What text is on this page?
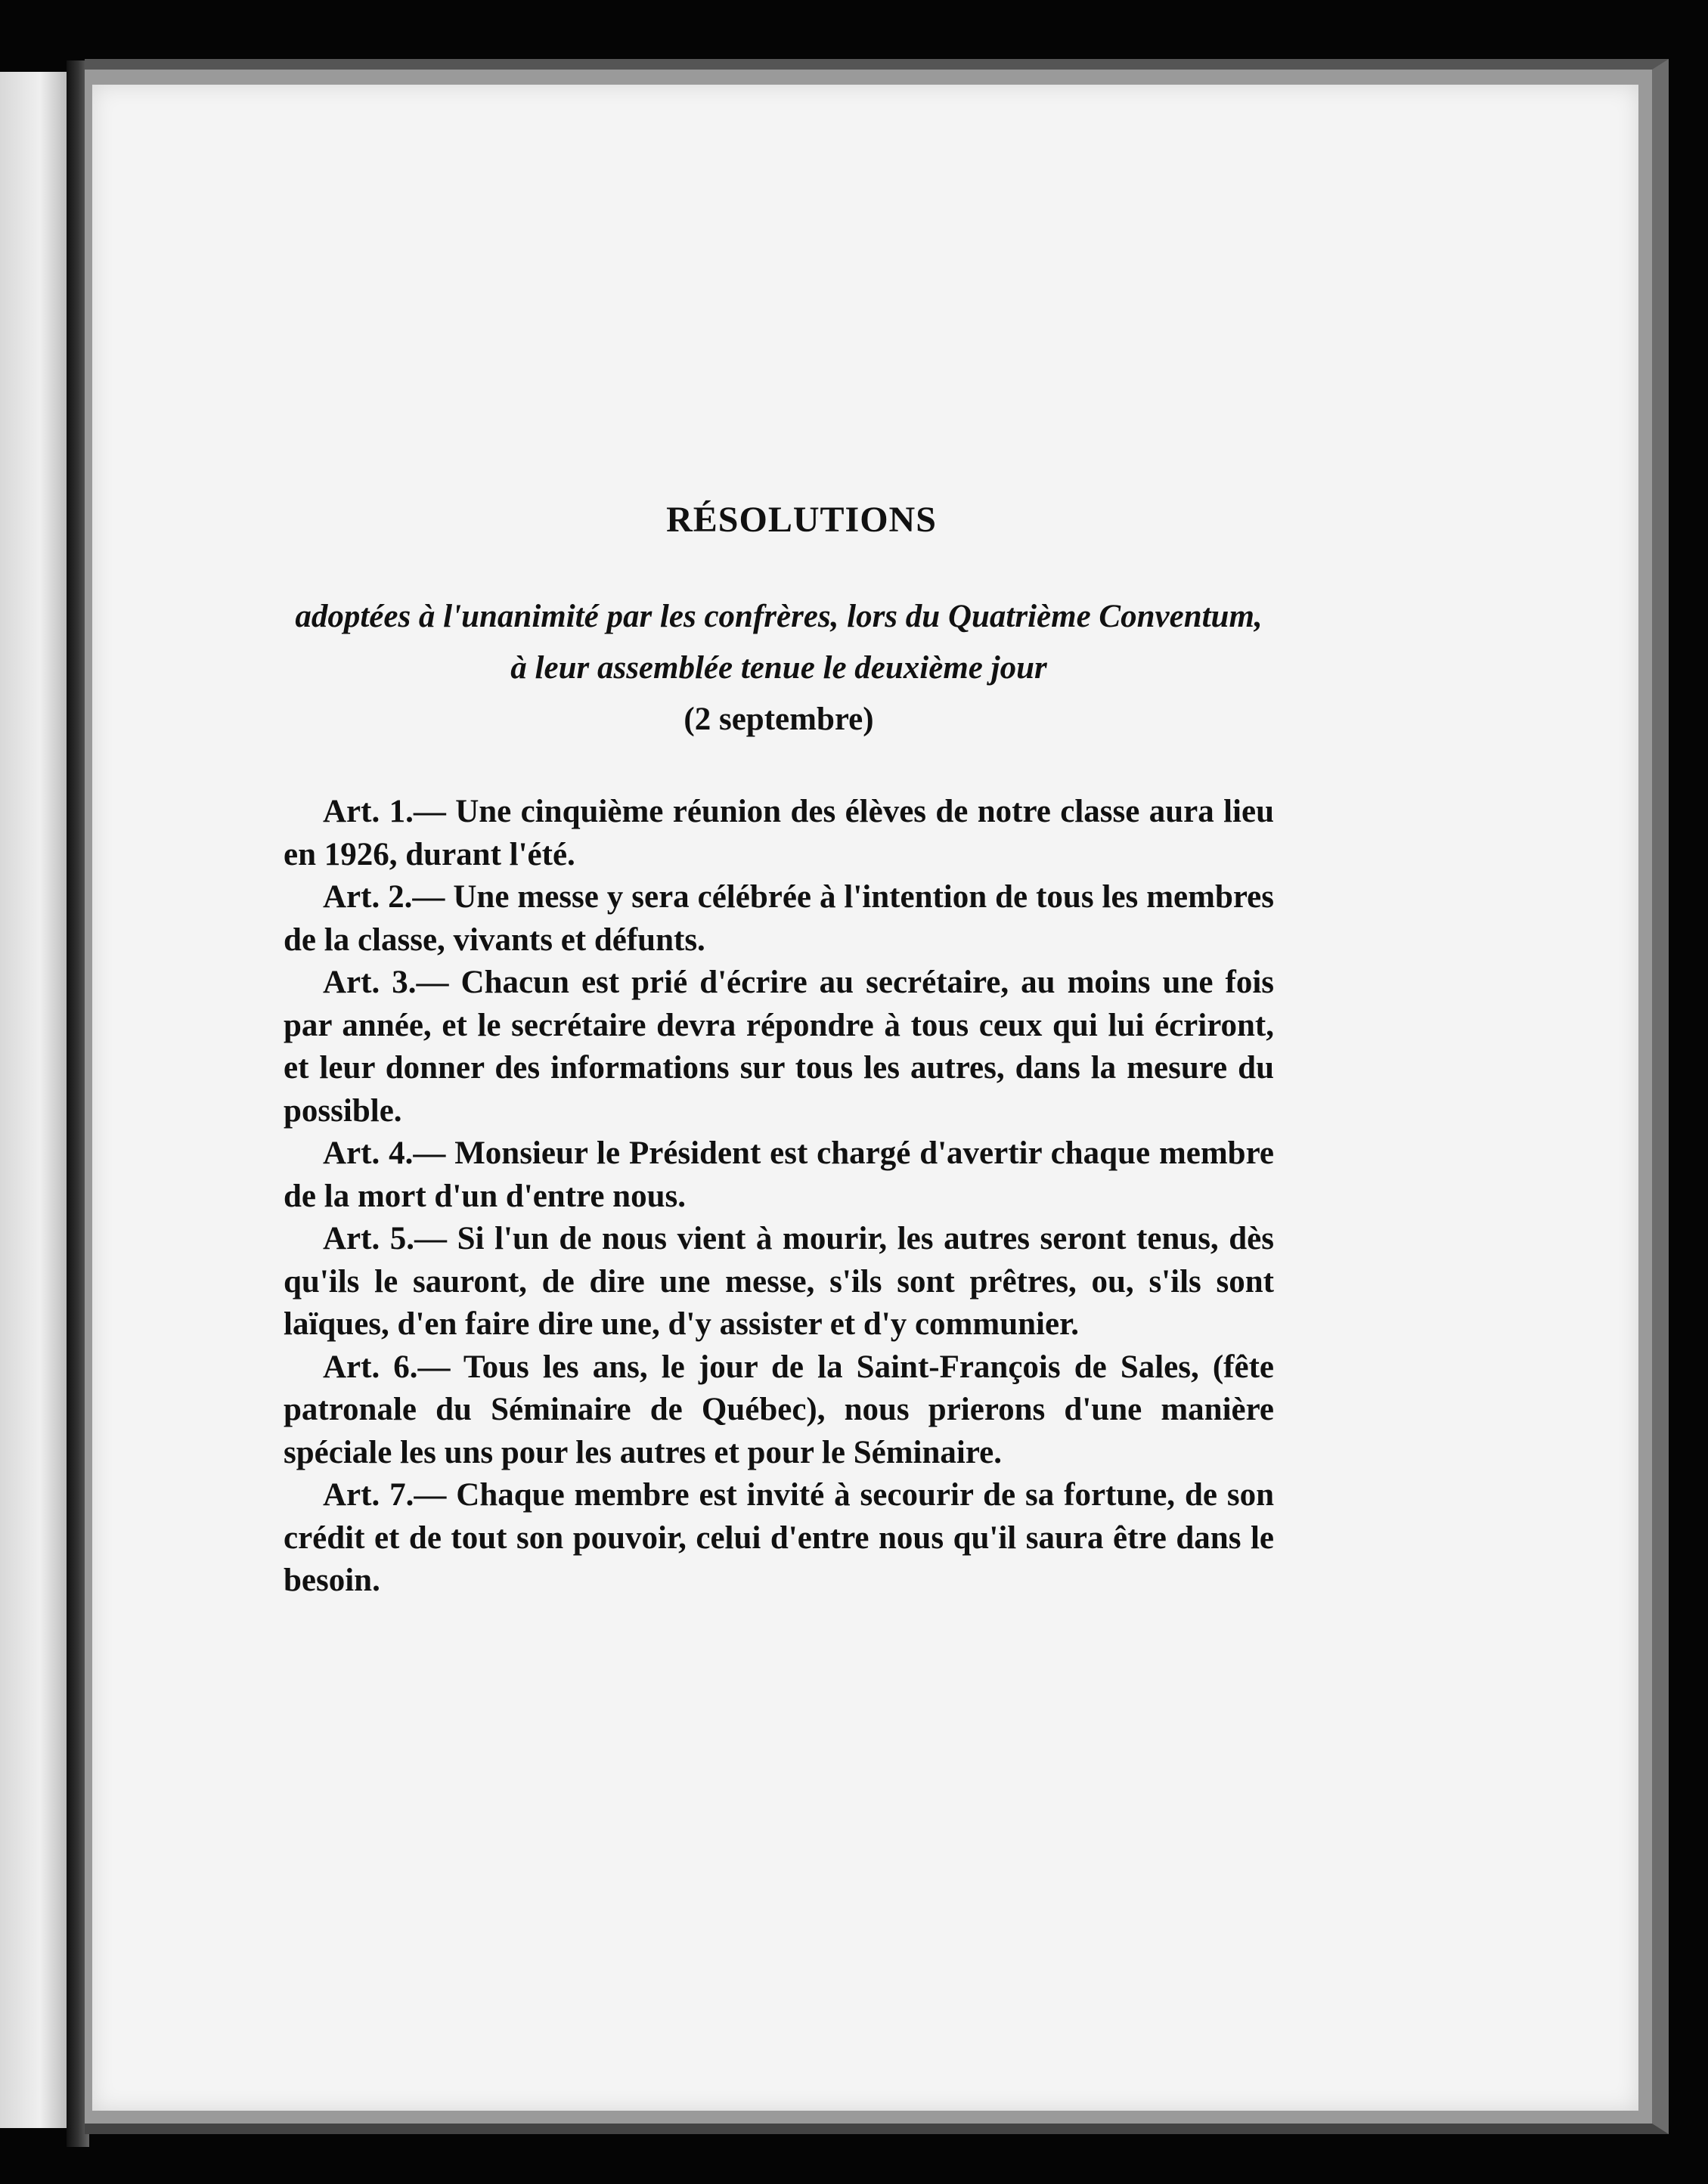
RÉSOLUTIONS
adoptées à l'unanimité par les confrères, lors du Quatrième Conventum, à leur assemblée tenue le deuxième jour
(2 septembre)

Art. 1.— Une cinquième réunion des élèves de notre classe aura lieu en 1926, durant l'été.

Art. 2.— Une messe y sera célébrée à l'intention de tous les membres de la classe, vivants et défunts.

Art. 3.— Chacun est prié d'écrire au secrétaire, au moins une fois par année, et le secrétaire devra répondre à tous ceux qui lui écriront, et leur donner des informations sur tous les autres, dans la mesure du possible.

Art. 4.— Monsieur le Président est chargé d'avertir chaque membre de la mort d'un d'entre nous.

Art. 5.— Si l'un de nous vient à mourir, les autres seront tenus, dès qu'ils le sauront, de dire une messe, s'ils sont prêtres, ou, s'ils sont laïques, d'en faire dire une, d'y assister et d'y communier.

Art. 6.— Tous les ans, le jour de la Saint-François de Sales, (fête patronale du Séminaire de Québec), nous prierons d'une manière spéciale les uns pour les autres et pour le Séminaire.

Art. 7.— Chaque membre est invité à secourir de sa fortune, de son crédit et de tout son pouvoir, celui d'entre nous qu'il saura être dans le besoin.
